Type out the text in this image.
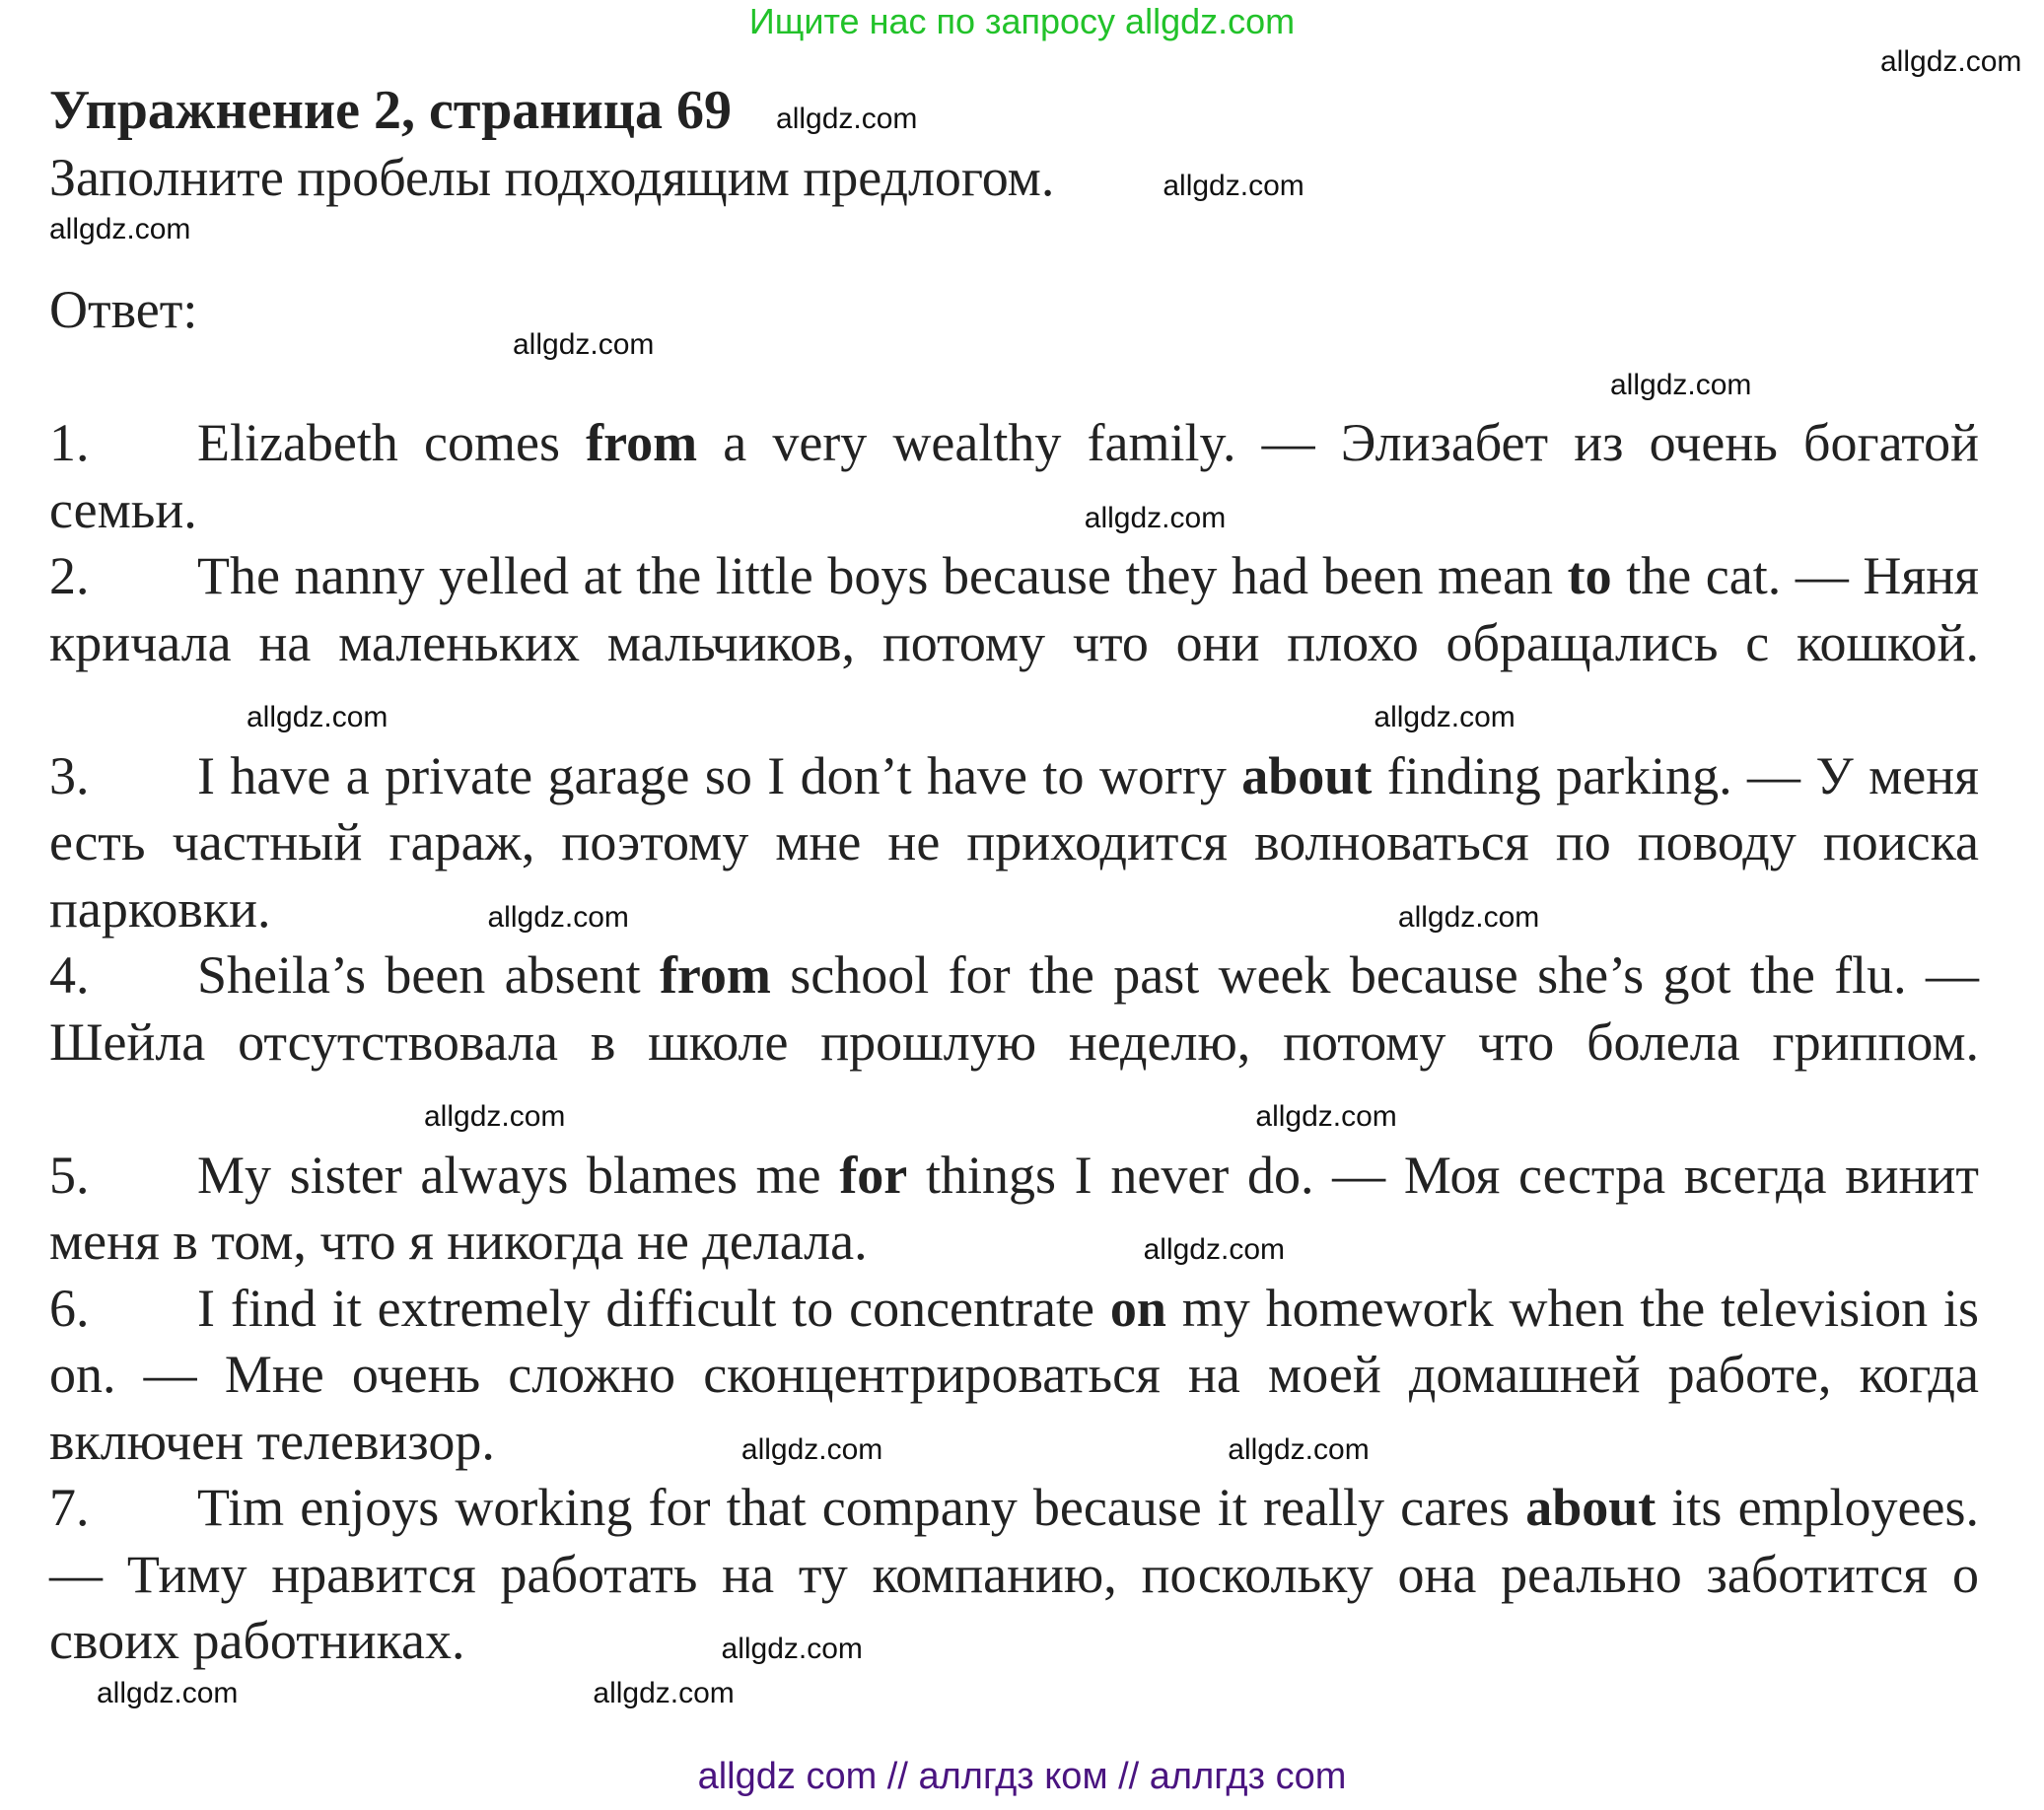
Ищите нас по запросу allgdz.com
allgdz.com
Упражнение 2, страница 69 allgdz.com
Заполните пробелы подходящим предлогом.	allgdz.com
allgdz.com
Ответ:
allgdz.com
allgdz.com

1. Elizabeth comes from a very wealthy family. — Элизабет из очень богатой семьи.	allgdz.com

2. The nanny yelled at the little boys because they had been mean to the cat. — Няня кричала на маленьких мальчиков, потому что они плохо обращались с кошкой.allgdz.com	allgdz.com

3. I have a private garage so I don’t have to worry about finding parking. — У меня есть частный гараж, поэтому мне не приходится волноваться по поводу поиска парковки.	allgdz.com	allgdz.com

4. Sheila’s been absent from school for the past week because she’s got the flu. — Шейла отсутствовала в школе прошлую неделю, потому что болела гриппом.allgdz.com	allgdz.com

5. My sister always blames me for things I never do. — Моя сестра всегда винит меня в том, что я никогда не делала.	allgdz.com

6. I find it extremely difficult to concentrate on my homework when the television is on. — Мне очень сложно сконцентрироваться на моей домашней работе, когда включен телевизор.	allgdz.com	allgdz.com

7. Tim enjoys working for that company because it really cares about its employees. — Тиму нравится работать на ту компанию, поскольку она реально заботится о своих работниках.	allgdz.com

allgdz.com	allgdz.com
allgdz com // аллгдз ком // аллгдз com
